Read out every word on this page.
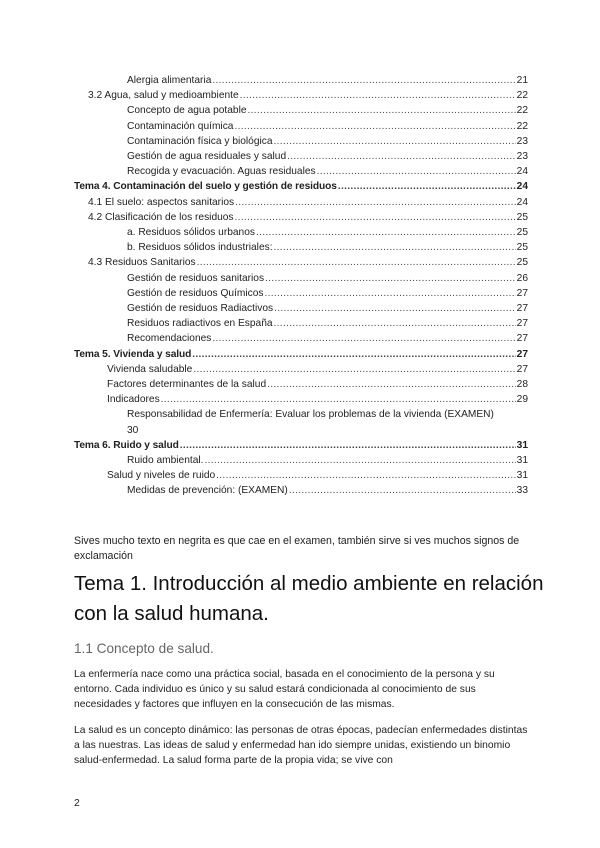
Alergia alimentaria .....	21
3.2 Agua, salud y medioambiente .....	22
Concepto de agua potable .....	22
Contaminación química .....	22
Contaminación física y biológica .....	23
Gestión de agua residuales y salud .....	23
Recogida y evacuación. Aguas residuales .....	24
Tema 4. Contaminación del suelo y gestión de residuos .....	24
4.1 El suelo: aspectos sanitarios .....	24
4.2 Clasificación de los residuos .....	25
a. Residuos sólidos urbanos .....	25
b. Residuos sólidos industriales: .....	25
4.3 Residuos Sanitarios .....	25
Gestión de residuos sanitarios .....	26
Gestión de residuos Químicos .....	27
Gestión de residuos Radiactivos .....	27
Residuos radiactivos en España .....	27
Recomendaciones .....	27
Tema 5. Vivienda y salud .....	27
Vivienda saludable .....	27
Factores determinantes de la salud .....	28
Indicadores .....	29
Responsabilidad de Enfermería: Evaluar los problemas de la vivienda (EXAMEN)
30
Tema 6. Ruido y salud .....	31
Ruido ambiental. .....	31
Salud y niveles de ruido .....	31
Medidas de prevención: (EXAMEN) .....	33

Sives mucho texto en negrita es que cae en el examen, también sirve si ves muchos signos de exclamación

Tema 1. Introducción al medio ambiente en relación con la salud humana.
1.1 Concepto de salud.

La enfermería nace como una práctica social, basada en el conocimiento de la persona y su entorno. Cada individuo es único y su salud estará condicionada al conocimiento de sus necesidades y factores que influyen en la consecución de las mismas.

La salud es un concepto dinámico: las personas de otras épocas, padecían enfermedades distintas a las nuestras. Las ideas de salud y enfermedad han ido siempre unidas, existiendo un binomio salud-enfermedad. La salud forma parte de la propia vida; se vive con

2
